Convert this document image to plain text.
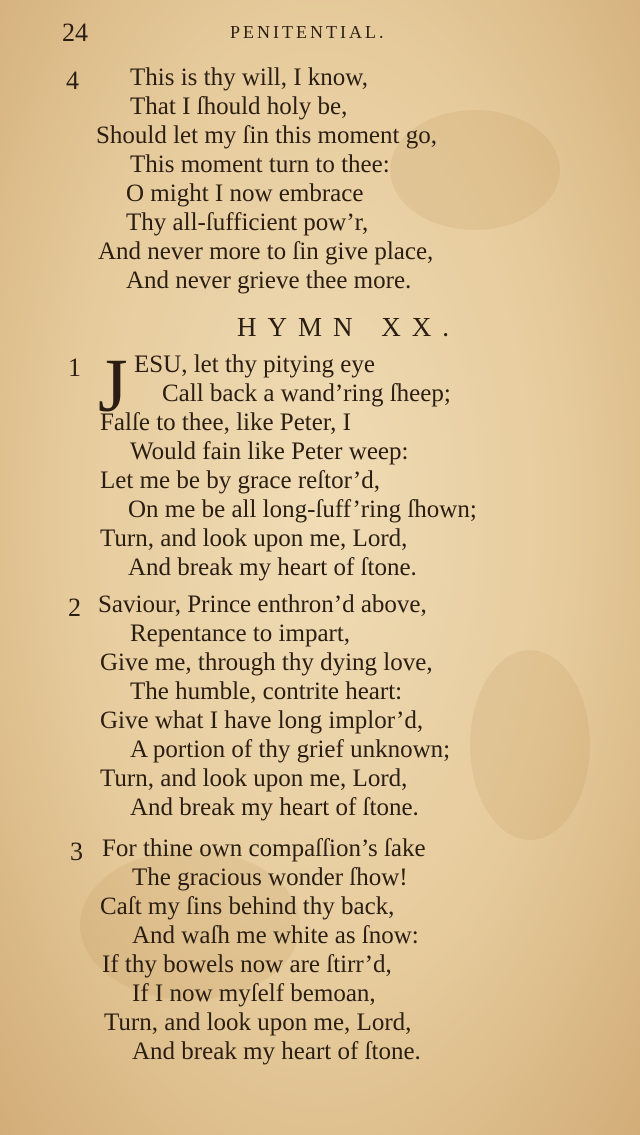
24	PENITENTIAL.
4 This is thy will, I know,
That I ſhould holy be,
Should let my ſin this moment go,
This moment turn to thee:
O might I now embrace
Thy all-ſufficient pow’r,
And never more to ſin give place,
And never grieve thee more.
HYMN XX.
1 J ESU, let thy pitying eye
Call back a wand’ring ſheep;
Falſe to thee, like Peter, I
Would fain like Peter weep:
Let me be by grace reſtor’d,
On me be all long-ſuff’ring ſhown;
Turn, and look upon me, Lord,
And break my heart of ſtone.
2 Saviour, Prince enthron’d above,
Repentance to impart,
Give me, through thy dying love,
The humble, contrite heart:
Give what I have long implor’d,
A portion of thy grief unknown;
Turn, and look upon me, Lord,
And break my heart of ſtone.
3 For thine own compaſſion’s ſake
The gracious wonder ſhow!
Caſt my ſins behind thy back,
And waſh me white as ſnow:
If thy bowels now are ſtirr’d,
If I now myſelf bemoan,
Turn, and look upon me, Lord,
And break my heart of ſtone.
